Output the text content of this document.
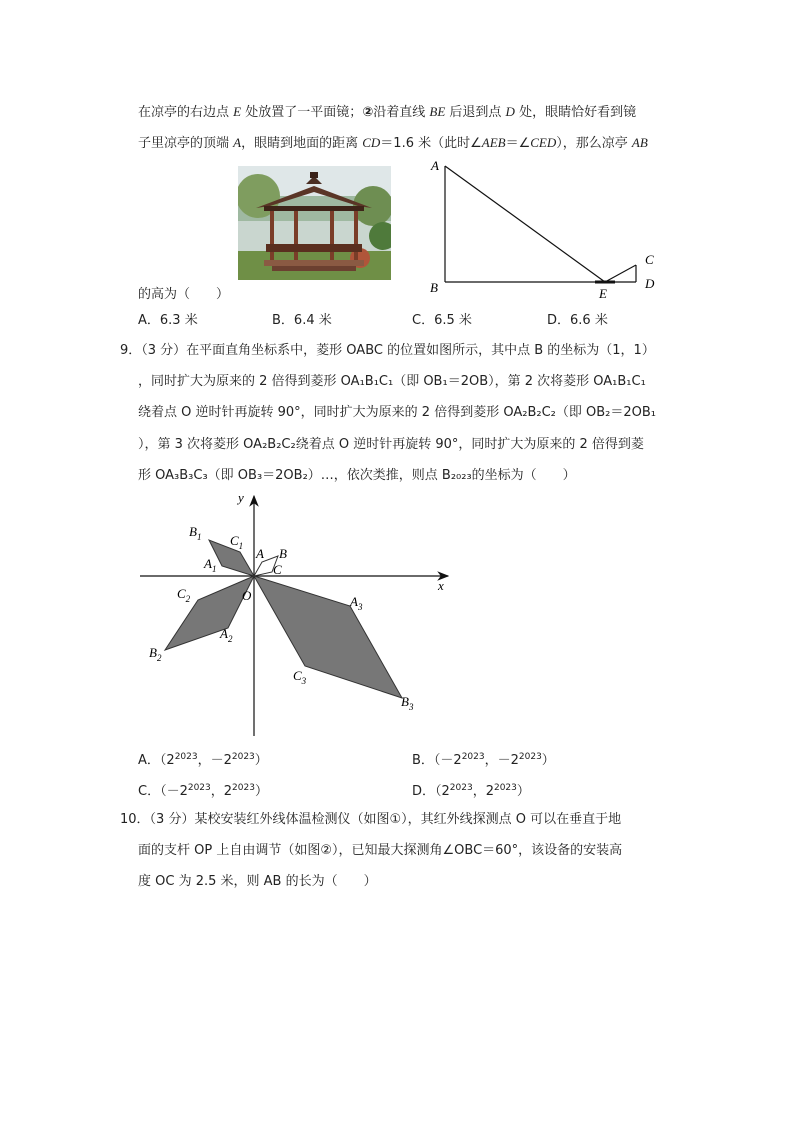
在凉亭的右边点 E 处放置了一平面镜；②沿着直线 BE 后退到点 D 处，眼睛恰好看到镜
子里凉亭的顶端 A，眼睛到地面的距离 CD＝1.6 米（此时∠AEB＝∠CED），那么凉亭 AB
A
B
C
D
E
的高为（　　）
A．6.3 米	B．6.4 米	C．6.5 米	D．6.6 米
9．（3 分）在平面直角坐标系中，菱形 OABC 的位置如图所示，其中点 B 的坐标为（1，1）
，同时扩大为原来的 2 倍得到菱形 OA₁B₁C₁（即 OB₁＝2OB），第 2 次将菱形 OA₁B₁C₁
绕着点 O 逆时针再旋转 90°，同时扩大为原来的 2 倍得到菱形 OA₂B₂C₂（即 OB₂＝2OB₁
），第 3 次将菱形 OA₂B₂C₂绕着点 O 逆时针再旋转 90°，同时扩大为原来的 2 倍得到菱
形 OA₃B₃C₃（即 OB₃＝2OB₂）…，依次类推，则点 B₂₀₂₃的坐标为（　　）
x
y
O
A B
C
$B_1$ $C_1$
$A_1$
$C_2$
$A_2$
$B_2$
$A_3$
$C_3$
$B_3$
A．（$2^{2023}$，$-2^{2023}$）	B．（$-2^{2023}$，$-2^{2023}$）
C．（$-2^{2023}$，$2^{2023}$）	D．（$2^{2023}$，$2^{2023}$）
10．（3 分）某校安装红外线体温检测仪（如图①），其红外线探测点 O 可以在垂直于地
面的支杆 OP 上自由调节（如图②），已知最大探测角∠OBC＝60°，该设备的安装高
度 OC 为 2.5 米，则 AB 的长为（　　）
